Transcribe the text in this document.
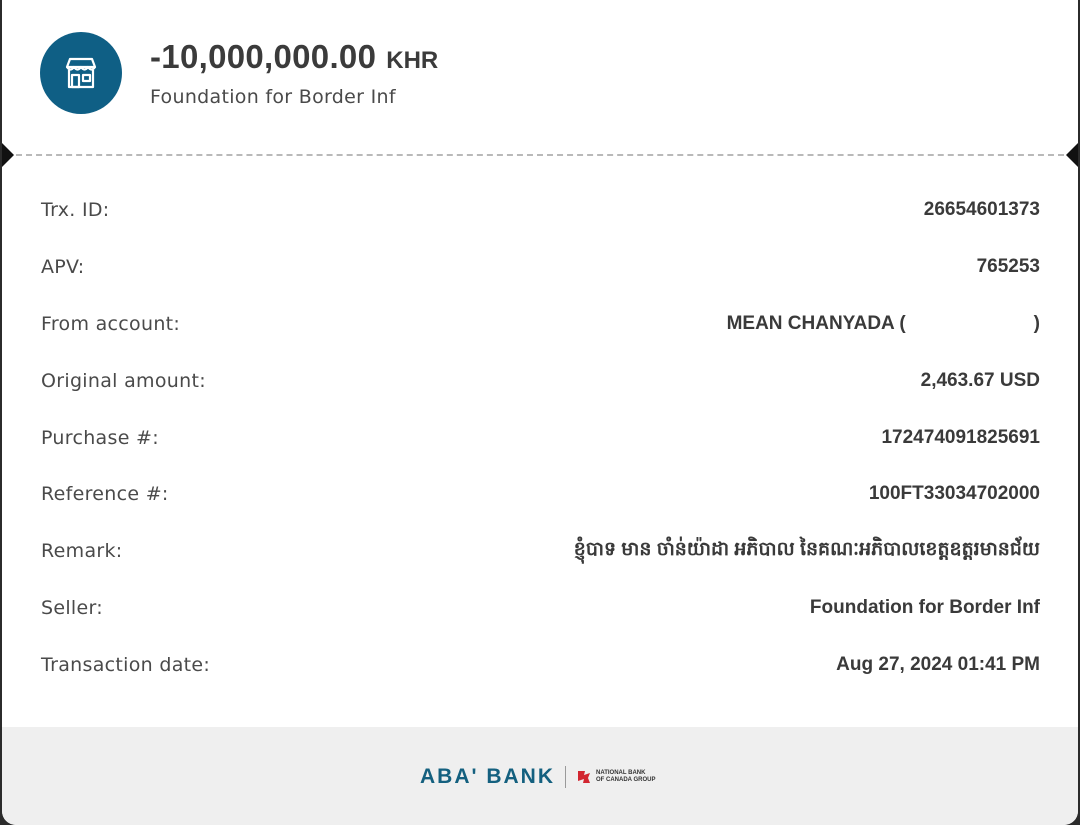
-10,000,000.00 KHR
Foundation for Border Inf
Trx. ID:	26654601373
APV:	765253
From account:	MEAN CHANYADA (	)
Original amount:	2,463.67 USD
Purchase #:	172474091825691
Reference #:	100FT33034702000
Remark:	ខ្ញុំបាទ មាន ចាំន់យ៉ាដា អភិបាល នៃគណៈអភិបាលខេត្តឧត្តរមានជ័យ
Seller:	Foundation for Border Inf
Transaction date:	Aug 27, 2024 01:41 PM
ABA' BANK	NATIONAL BANK
OF CANADA GROUP
